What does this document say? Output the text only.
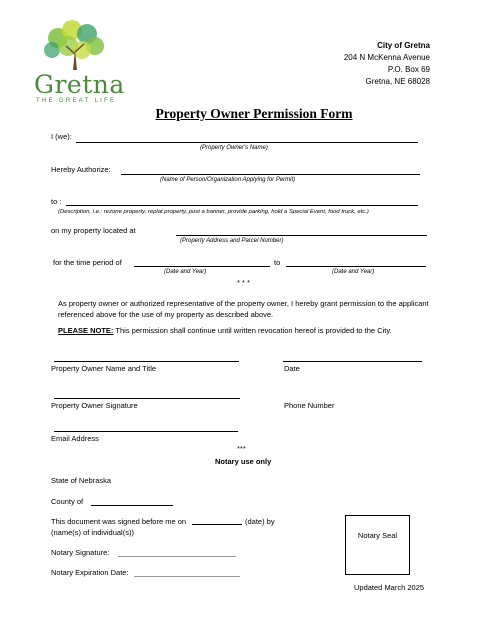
Gretna
THE GREAT LIFE
City of Gretna
204 N McKenna Avenue
P.O. Box 69
Gretna, NE 68028
Property Owner Permission Form
I (we):
(Property Owner's Name)
Hereby Authorize:
(Name of Person/Organization Applying for Permit)
to :
(Description, i.e.: rezone property, replat property, post a banner, provide parking, hold a Special Event, food truck, etc.)
on my property located at
(Property Address and Parcel Number)
for the time period of	to
(Date and Year)	(Date and Year)
* * *
As property owner or authorized representative of the property owner, I hereby grant permission to the applicant referenced above for the use of my property as described above.
PLEASE NOTE: This permission shall continue until written revocation hereof is provided to the City.
Property Owner Name and Title	Date
Property Owner Signature	Phone Number
Email Address
***
Notary use only
State of Nebraska
County of
This document was signed before me on	(date) by
(name(s) of individual(s))
Notary Signature:
Notary Expiration Date:
Notary Seal
Updated March 2025
